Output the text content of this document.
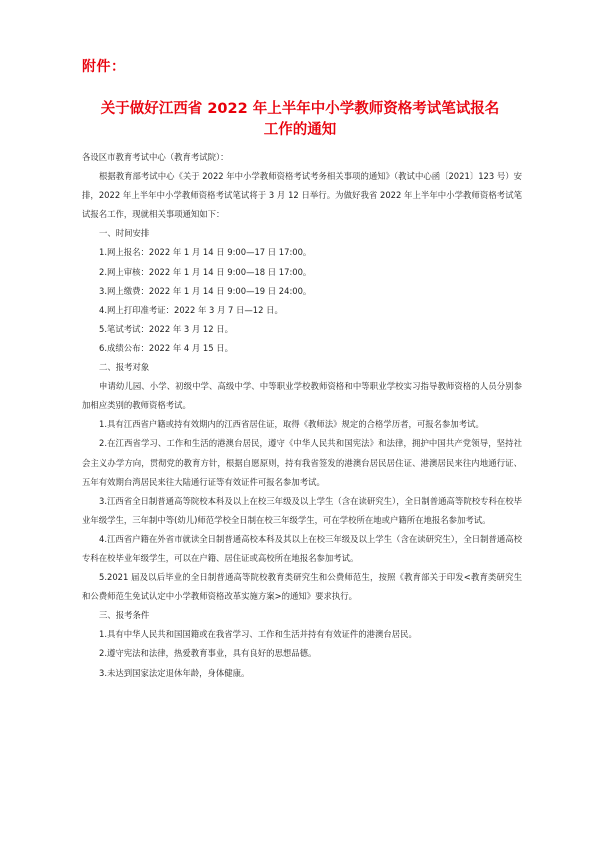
附件：
关于做好江西省 2022 年上半年中小学教师资格考试笔试报名
工作的通知

各设区市教育考试中心（教育考试院）：

根据教育部考试中心《关于 2022 年中小学教师资格考试考务相关事项的通知》（教试中心函〔2021〕123 号）安排，2022 年上半年中小学教师资格考试笔试将于 3 月 12 日举行。为做好我省 2022 年上半年中小学教师资格考试笔试报名工作，现就相关事项通知如下：

一、时间安排

1.网上报名：2022 年 1 月 14 日 9:00—17 日 17:00。

2.网上审核：2022 年 1 月 14 日 9:00—18 日 17:00。

3.网上缴费：2022 年 1 月 14 日 9:00—19 日 24:00。

4.网上打印准考证：2022 年 3 月 7 日—12 日。

5.笔试考试：2022 年 3 月 12 日。

6.成绩公布：2022 年 4 月 15 日。

二、报考对象

申请幼儿园、小学、初级中学、高级中学、中等职业学校教师资格和中等职业学校实习指导教师资格的人员分别参加相应类别的教师资格考试。

1.具有江西省户籍或持有效期内的江西省居住证，取得《教师法》规定的合格学历者，可报名参加考试。

2.在江西省学习、工作和生活的港澳台居民，遵守《中华人民共和国宪法》和法律，拥护中国共产党领导，坚持社会主义办学方向，贯彻党的教育方针，根据自愿原则，持有我省签发的港澳台居民居住证、港澳居民来往内地通行证、五年有效期台湾居民来往大陆通行证等有效证件可报名参加考试。

3.江西省全日制普通高等院校本科及以上在校三年级及以上学生（含在读研究生），全日制普通高等院校专科在校毕业年级学生，三年制中等(幼儿)师范学校全日制在校三年级学生，可在学校所在地或户籍所在地报名参加考试。

4.江西省户籍在外省市就读全日制普通高校本科及其以上在校三年级及以上学生（含在读研究生），全日制普通高校专科在校毕业年级学生，可以在户籍、居住证或高校所在地报名参加考试。

5.2021 届及以后毕业的全日制普通高等院校教育类研究生和公费师范生，按照《教育部关于印发<教育类研究生和公费师范生免试认定中小学教师资格改革实施方案>的通知》要求执行。

三、报考条件

1.具有中华人民共和国国籍或在我省学习、工作和生活并持有有效证件的港澳台居民。

2.遵守宪法和法律，热爱教育事业，具有良好的思想品德。

3.未达到国家法定退休年龄，身体健康。
